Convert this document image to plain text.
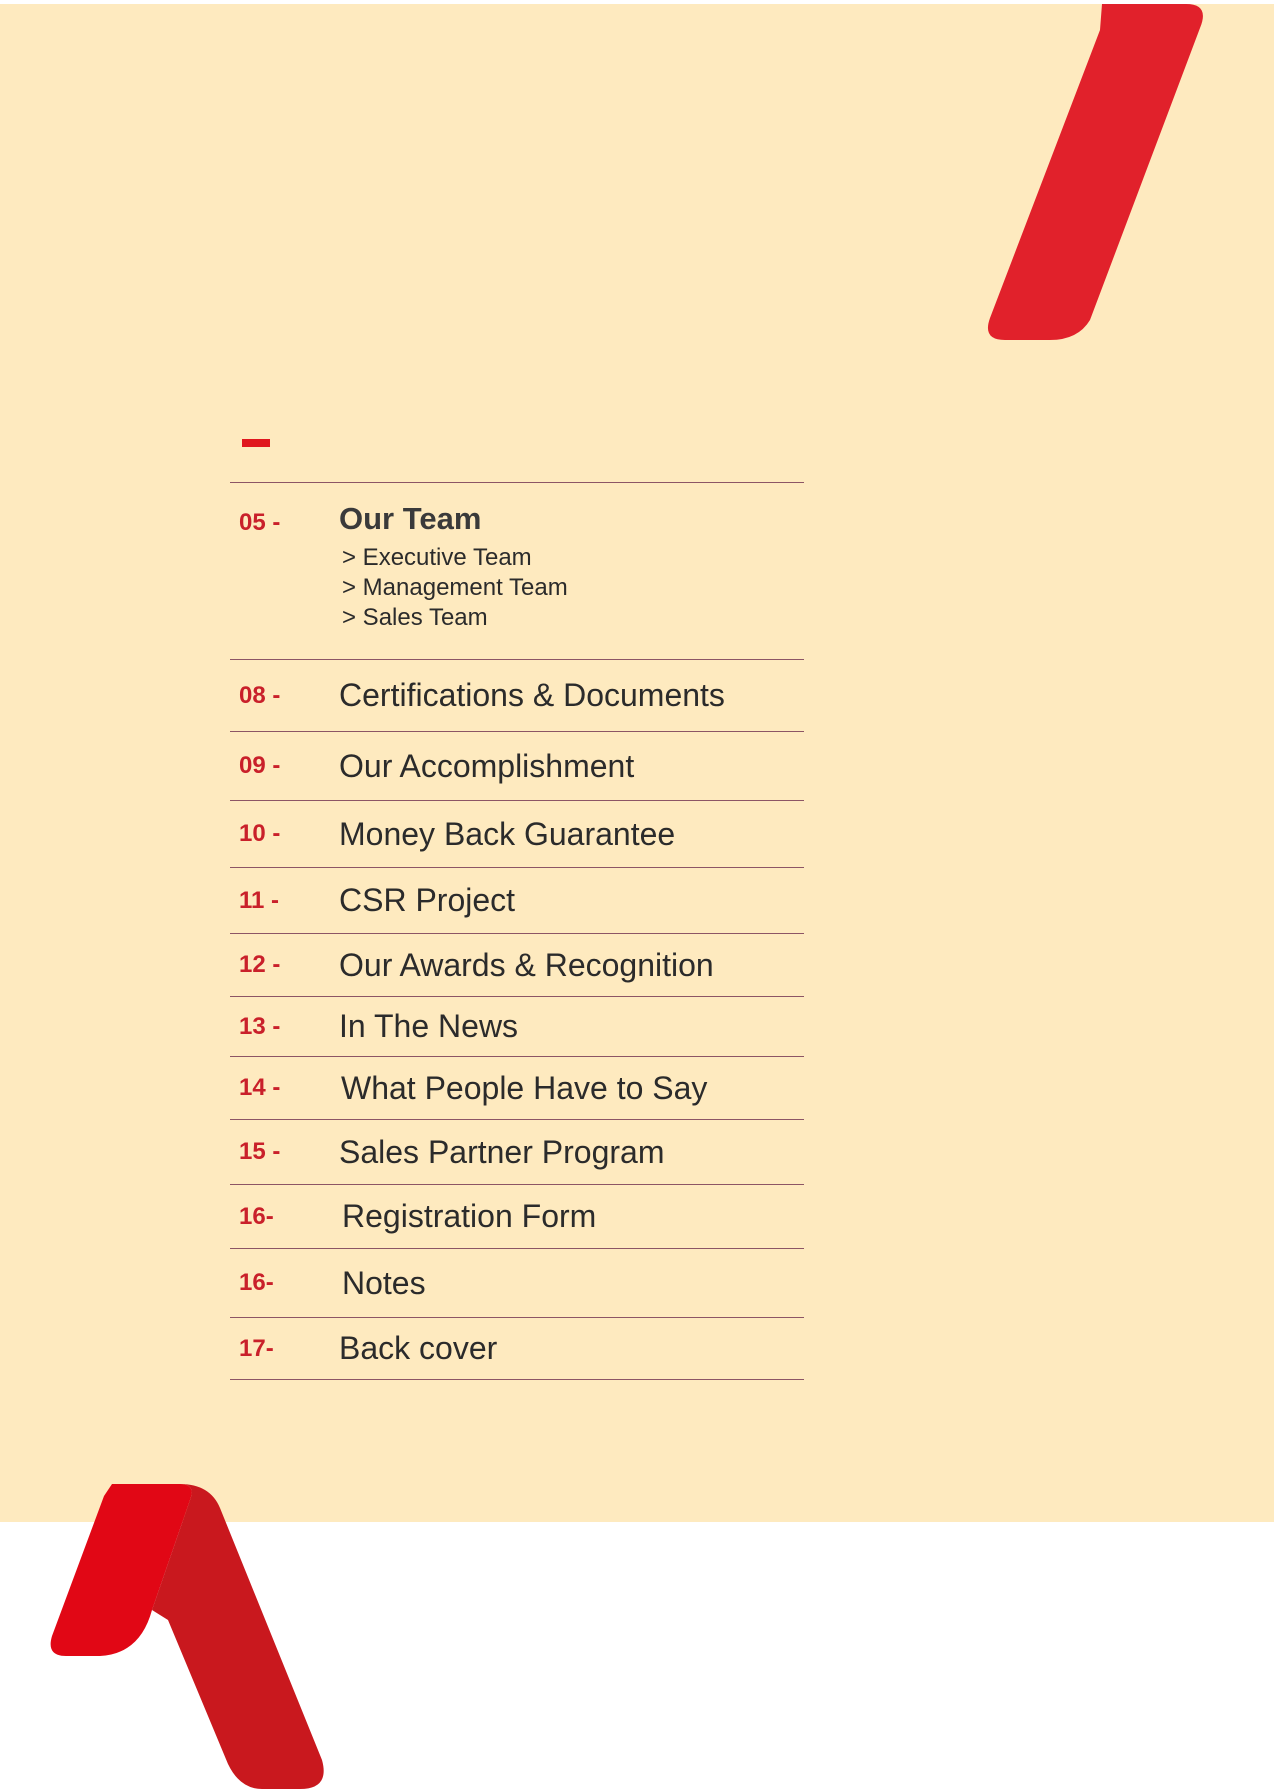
05 -	Our Team
> Executive Team
> Management Team
> Sales Team
08 -	Certifications & Documents
09 -	Our Accomplishment
10 -	Money Back Guarantee
11 -	CSR Project
12 -	Our Awards & Recognition
13 -	In The News
14 -	What People Have to Say
15 -	Sales Partner Program
16-	Registration Form
16-	Notes
17-	Back cover
